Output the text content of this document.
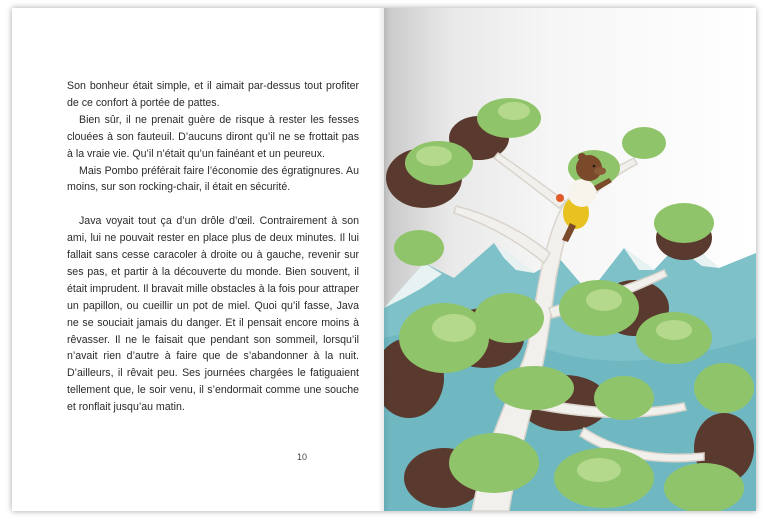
Son bonheur était simple, et il aimait par-dessus tout profiter de ce confort à portée de pattes.

Bien sûr, il ne prenait guère de risque à rester les fesses clouées à son fauteuil. D’aucuns diront qu’il ne se frottait pas à la vraie vie. Qu’il n’était qu’un fainéant et un peureux.

Mais Pombo préférait faire l’économie des égratignures. Au moins, sur son rocking-chair, il était en sécurité.

Java voyait tout ça d’un drôle d’œil. Contrairement à son ami, lui ne pouvait rester en place plus de deux minutes. Il lui fallait sans cesse caracoler à droite ou à gauche, revenir sur ses pas, et partir à la découverte du monde. Bien souvent, il était imprudent. Il bravait mille obstacles à la fois pour attraper un papillon, ou cueillir un pot de miel. Quoi qu’il fasse, Java ne se souciait jamais du danger. Et il pensait encore moins à rêvasser. Il ne le faisait que pendant son sommeil, lorsqu’il n’avait rien d’autre à faire que de s’abandonner à la nuit. D’ailleurs, il rêvait peu. Ses journées chargées le fatiguaient tellement que, le soir venu, il s’endormait comme une souche et ronflait jusqu’au matin.

10
